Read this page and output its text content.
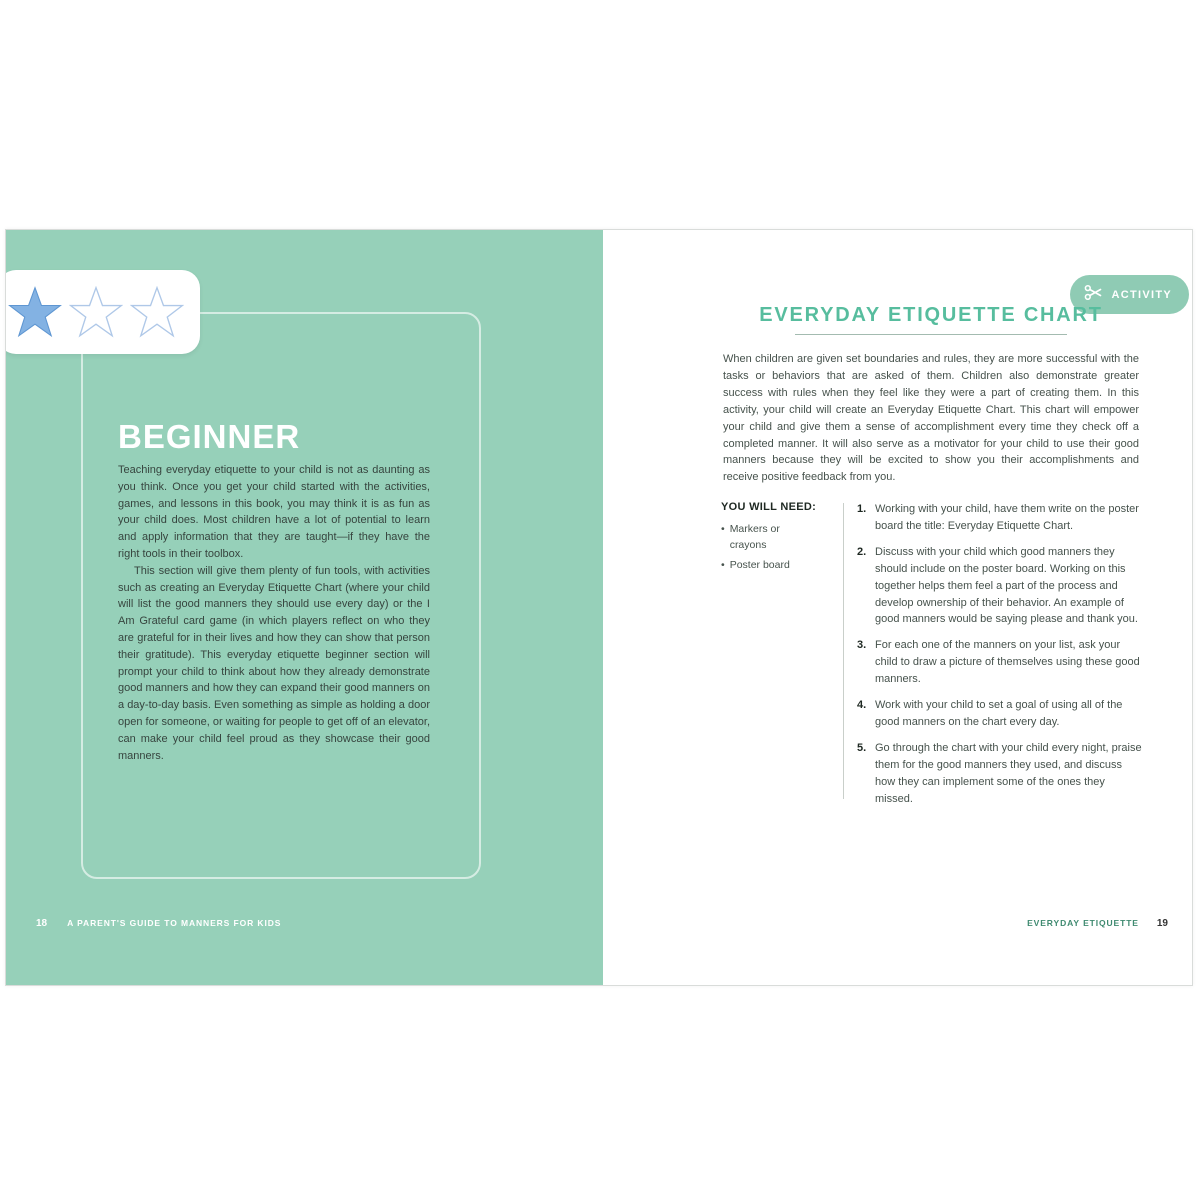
BEGINNER

Teaching everyday etiquette to your child is not as daunting as you think. Once you get your child started with the activities, games, and lessons in this book, you may think it is as fun as your child does. Most children have a lot of potential to learn and apply information that they are taught—if they have the right tools in their toolbox.

This section will give them plenty of fun tools, with activities such as creating an Everyday Etiquette Chart (where your child will list the good manners they should use every day) or the I Am Grateful card game (in which players reflect on who they are grateful for in their lives and how they can show that person their gratitude). This everyday etiquette beginner section will prompt your child to think about how they already demonstrate good manners and how they can expand their good manners on a day-to-day basis. Even something as simple as holding a door open for someone, or waiting for people to get off of an elevator, can make your child feel proud as they showcase their good manners.

18 A PARENT'S GUIDE TO MANNERS FOR KIDS
ACTIVITY
EVERYDAY ETIQUETTE CHART
When children are given set boundaries and rules, they are more successful with the tasks or behaviors that are asked of them. Children also demonstrate greater success with rules when they feel like they were a part of creating them. In this activity, your child will create an Everyday Etiquette Chart. This chart will empower your child and give them a sense of accomplishment every time they check off a completed manner. It will also serve as a motivator for your child to use their good manners because they will be excited to show you their accomplishments and receive positive feedback from you.
YOU WILL NEED:
• Markers or crayons
• Poster board
1. Working with your child, have them write on the poster board the title: Everyday Etiquette Chart.
2. Discuss with your child which good manners they should include on the poster board. Working on this together helps them feel a part of the process and develop ownership of their behavior. An example of good manners would be saying please and thank you.
3. For each one of the manners on your list, ask your child to draw a picture of themselves using these good manners.
4. Work with your child to set a goal of using all of the good manners on the chart every day.
5. Go through the chart with your child every night, praise them for the good manners they used, and discuss how they can implement some of the ones they missed.
EVERYDAY ETIQUETTE 19
